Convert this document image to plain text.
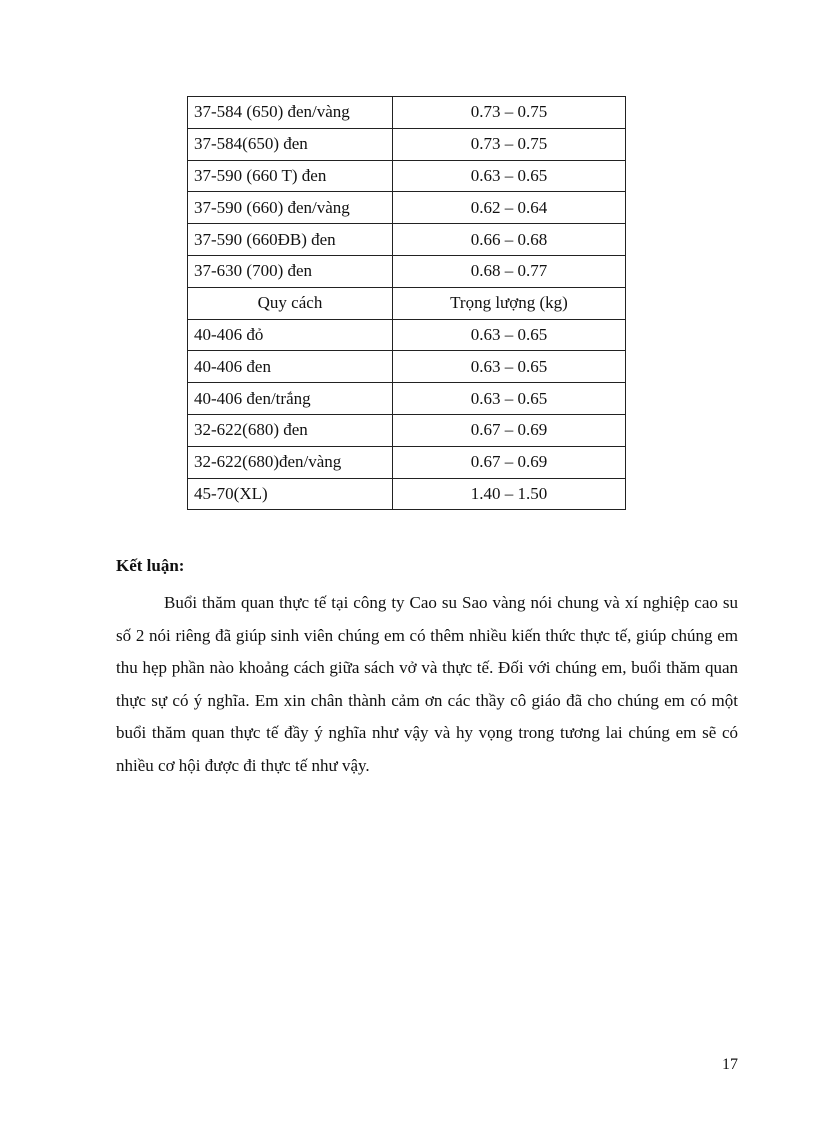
37-584 (650) đen/vàng	0.73 – 0.75
37-584(650) đen	0.73 – 0.75
37-590 (660 T) đen	0.63 – 0.65
37-590 (660) đen/vàng	0.62 – 0.64
37-590 (660ĐB) đen	0.66 – 0.68
37-630 (700) đen	0.68 – 0.77
Quy cách	Trọng lượng (kg)
40-406 đỏ	0.63 – 0.65
40-406 đen	0.63 – 0.65
40-406 đen/trắng	0.63 – 0.65
32-622(680) đen	0.67 – 0.69
32-622(680)đen/vàng	0.67 – 0.69
45-70(XL)	1.40 – 1.50
Kết luận:

Buổi thăm quan thực tế tại công ty Cao su Sao vàng nói chung và xí nghiệp cao su số 2 nói riêng đã giúp sinh viên chúng em có thêm nhiều kiến thức thực tế, giúp chúng em thu hẹp phần nào khoảng cách giữa sách vở và thực tế. Đối với chúng em, buổi thăm quan thực sự có ý nghĩa. Em xin chân thành cảm ơn các thầy cô giáo đã cho chúng em có một buổi thăm quan thực tế đầy ý nghĩa như vậy và hy vọng trong tương lai chúng em sẽ có nhiều cơ hội được đi thực tế như vậy.

17
